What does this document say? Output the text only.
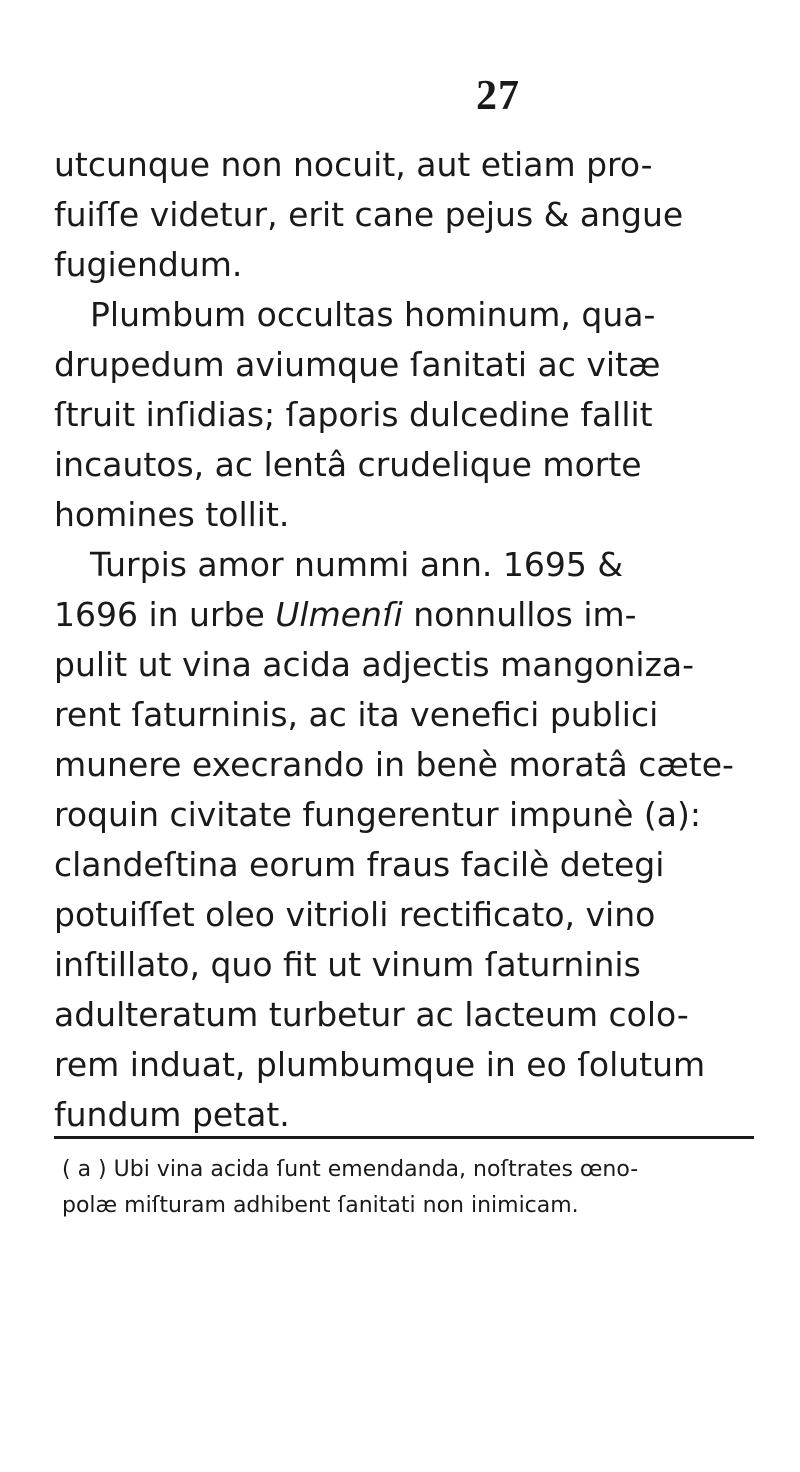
27
utcunque non nocuit, aut etiam pro-
fuiſſe videtur, erit cane pejus & angue
fugiendum.
Plumbum occultas hominum, qua-
drupedum aviumque ſanitati ac vitæ
ſtruit inſidias; ſaporis dulcedine fallit
incautos, ac lentâ crudelique morte
homines tollit.
Turpis amor nummi ann. 1695 &
1696 in urbe Ulmenſi nonnullos im-
pulit ut vina acida adjectis mangoniza-
rent ſaturninis, ac ita venefici publici
munere execrando in benè moratâ cæte-
roquin civitate fungerentur impunè (a):
clandeſtina eorum fraus facilè detegi
potuiſſet oleo vitrioli rectificato, vino
inſtillato, quo fit ut vinum ſaturninis
adulteratum turbetur ac lacteum colo-
rem induat, plumbumque in eo ſolutum
fundum petat.
( a ) Ubi vina acida ſunt emendanda, noſtrates œno-
polæ miſturam adhibent ſanitati non inimicam.
